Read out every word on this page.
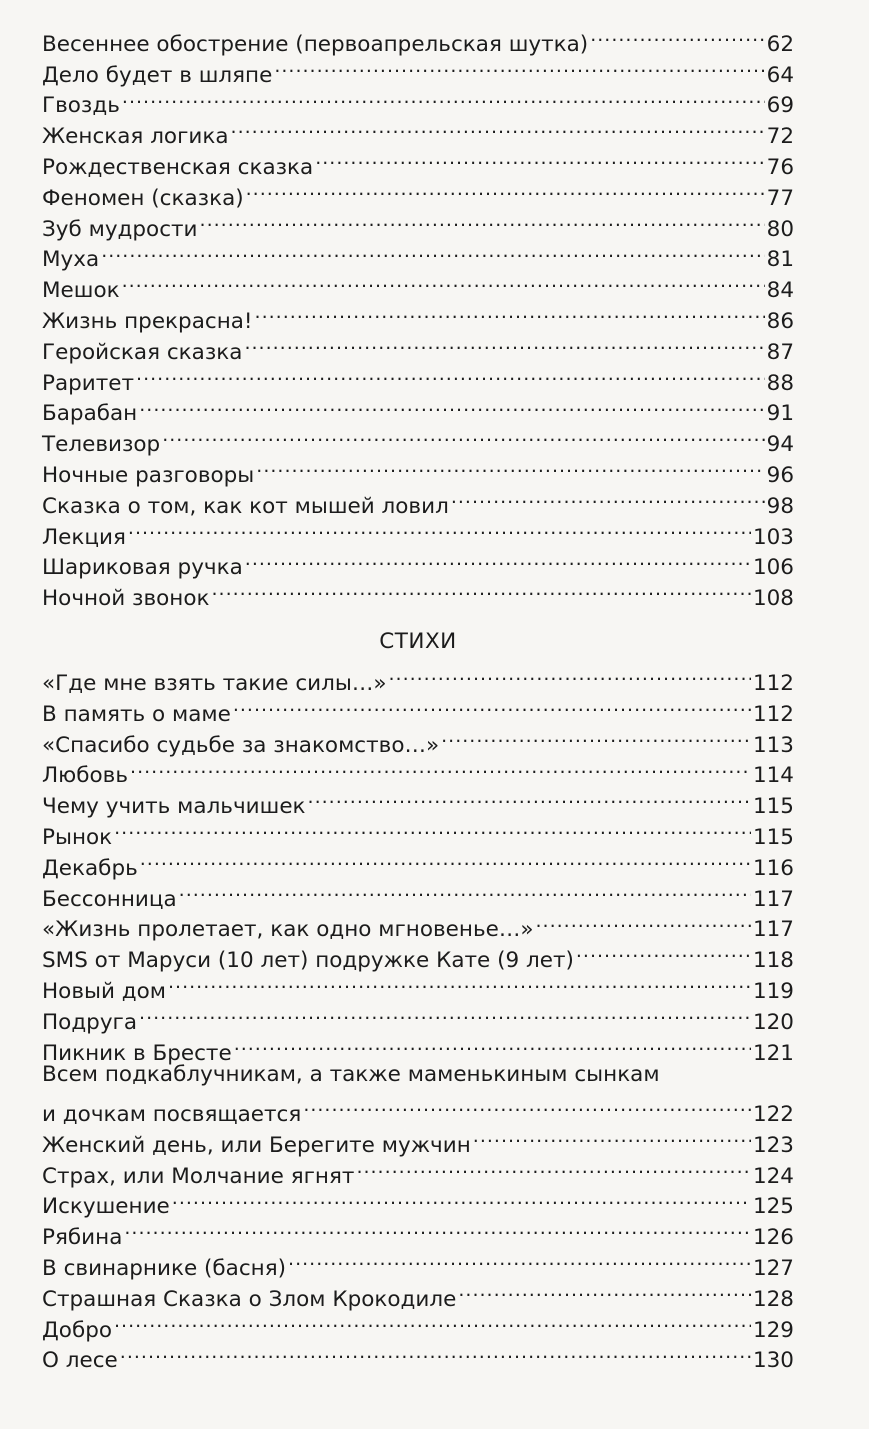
Весеннее обострение (первоапрельская шутка) .....	62
Дело будет в шляпе .....	64
Гвоздь .....	69
Женская логика .....	72
Рождественская сказка .....	76
Феномен (сказка) .....	77
Зуб мудрости .....	80
Муха .....	81
Мешок .....	84
Жизнь прекрасна! .....	86
Геройская сказка .....	87
Раритет .....	88
Барабан .....	91
Телевизор .....	94
Ночные разговоры .....	96
Сказка о том, как кот мышей ловил .....	98
Лекция .....	103
Шариковая ручка .....	106
Ночной звонок .....	108
СТИХИ
«Где мне взять такие силы…» .....	112
В память о маме .....	112
«Спасибо судьбе за знакомство…» .....	113
Любовь .....	114
Чему учить мальчишек .....	115
Рынок .....	115
Декабрь .....	116
Бессонница .....	117
«Жизнь пролетает, как одно мгновенье…» .....	117
SMS от Маруси (10 лет) подружке Кате (9 лет) .....	118
Новый дом .....	119
Подруга .....	120
Пикник в Бресте .....	121
Всем подкаблучникам, а также маменькиным сынкам
и дочкам посвящается .....	122
Женский день, или Берегите мужчин .....	123
Страх, или Молчание ягнят .....	124
Искушение .....	125
Рябина .....	126
В свинарнике (басня) .....	127
Страшная Сказка о Злом Крокодиле .....	128
Добро .....	129
О лесе .....	130
